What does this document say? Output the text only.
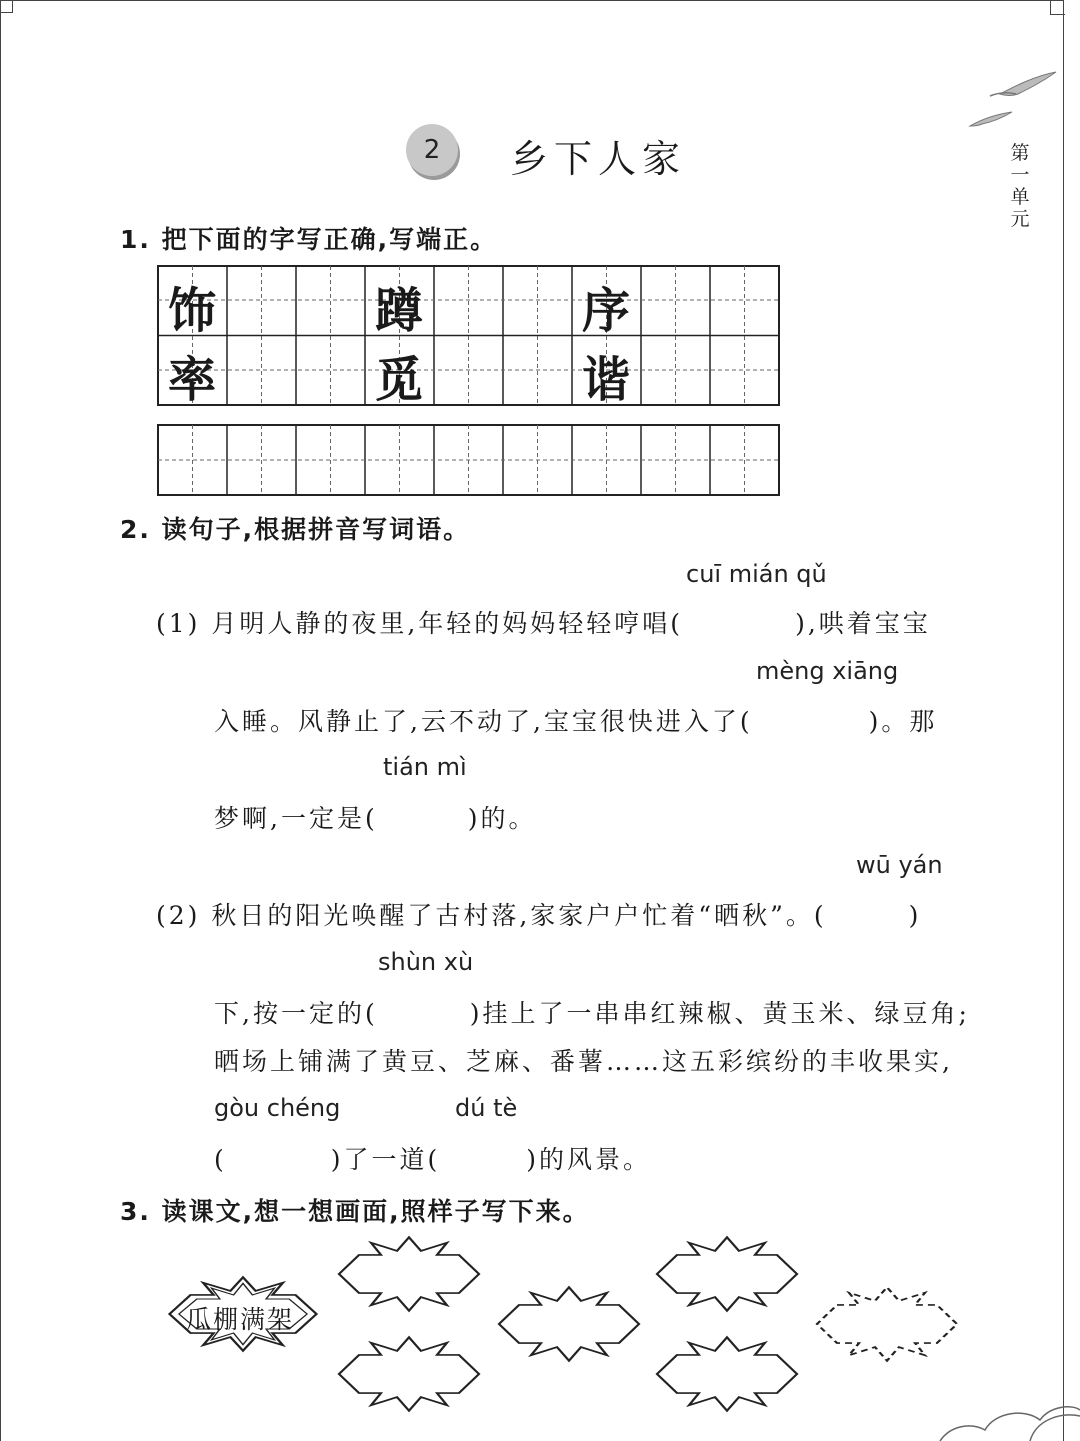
2	乡下人家	第
一
单
元
1. 把下面的字写正确,写端正。
饰	蹲	序
率	觅	谐
2. 读句子,根据拼音写词语。
cuī mián qǔ
(1) 月明人静的夜里,年轻的妈妈轻轻哼唱(	),哄着宝宝
mèng xiāng
入睡。风静止了,云不动了,宝宝很快进入了(	)。那
tián mì
梦啊,一定是(	)的。
wū yán
(2) 秋日的阳光唤醒了古村落,家家户户忙着“晒秋”。(	)
shùn xù
下,按一定的(	)挂上了一串串红辣椒、黄玉米、绿豆角;
晒场上铺满了黄豆、芝麻、番薯……这五彩缤纷的丰收果实,
gòu chéng	dú tè
(	)了一道(	)的风景。
3. 读课文,想一想画面,照样子写下来。
瓜棚满架
